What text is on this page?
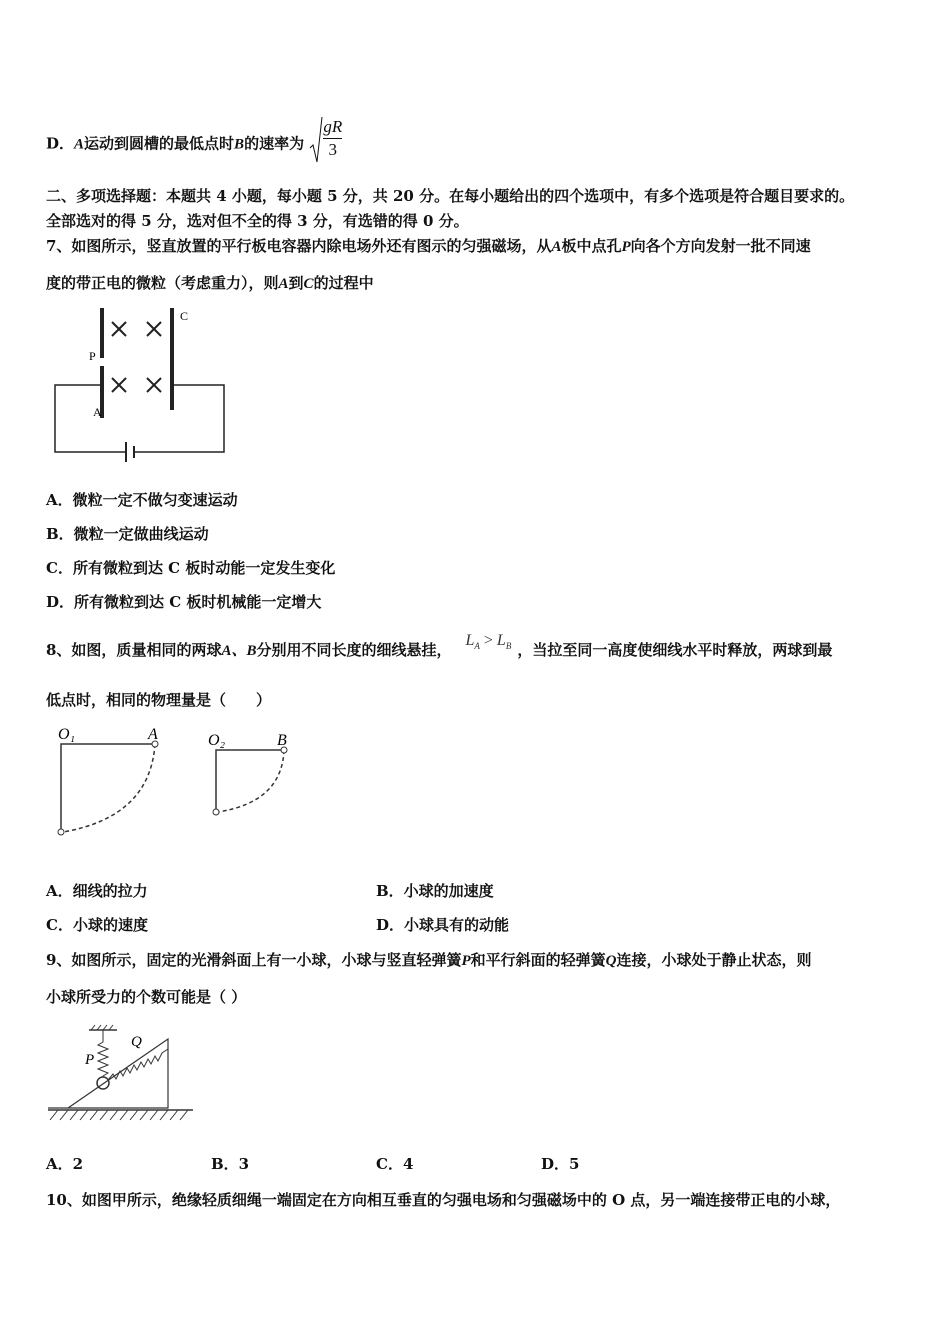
D．A运动到圆槽的最低点时B的速率为 $\frac{gR}{3}$
二、多项选择题：本题共 4 小题，每小题 5 分，共 20 分。在每小题给出的四个选项中，有多个选项是符合题目要求的。
全部选对的得 5 分，选对但不全的得 3 分，有选错的得 0 分。
7、如图所示，竖直放置的平行板电容器内除电场外还有图示的匀强磁场，从A板中点孔P向各个方向发射一批不同速
度的带正电的微粒（考虑重力），则A到C的过程中
C
P
A
A．微粒一定不做匀变速运动
B．微粒一定做曲线运动
C．所有微粒到达 C 板时动能一定发生变化
D．所有微粒到达 C 板时机械能一定增大
8、如图，质量相同的两球A、B分别用不同长度的细线悬挂，$L_A > L_B$ ，当拉至同一高度使细线水平时释放，两球到最
低点时，相同的物理量是（　　）
O₁	A	O₂	B
A．细线的拉力	B．小球的加速度
C．小球的速度	D．小球具有的动能
9、如图所示，固定的光滑斜面上有一小球，小球与竖直轻弹簧P和平行斜面的轻弹簧Q连接，小球处于静止状态，则
小球所受力的个数可能是（ ）
P
Q
A．2	B．3	C．4	D．5
10、如图甲所示，绝缘轻质细绳一端固定在方向相互垂直的匀强电场和匀强磁场中的 O 点，另一端连接带正电的小球，
